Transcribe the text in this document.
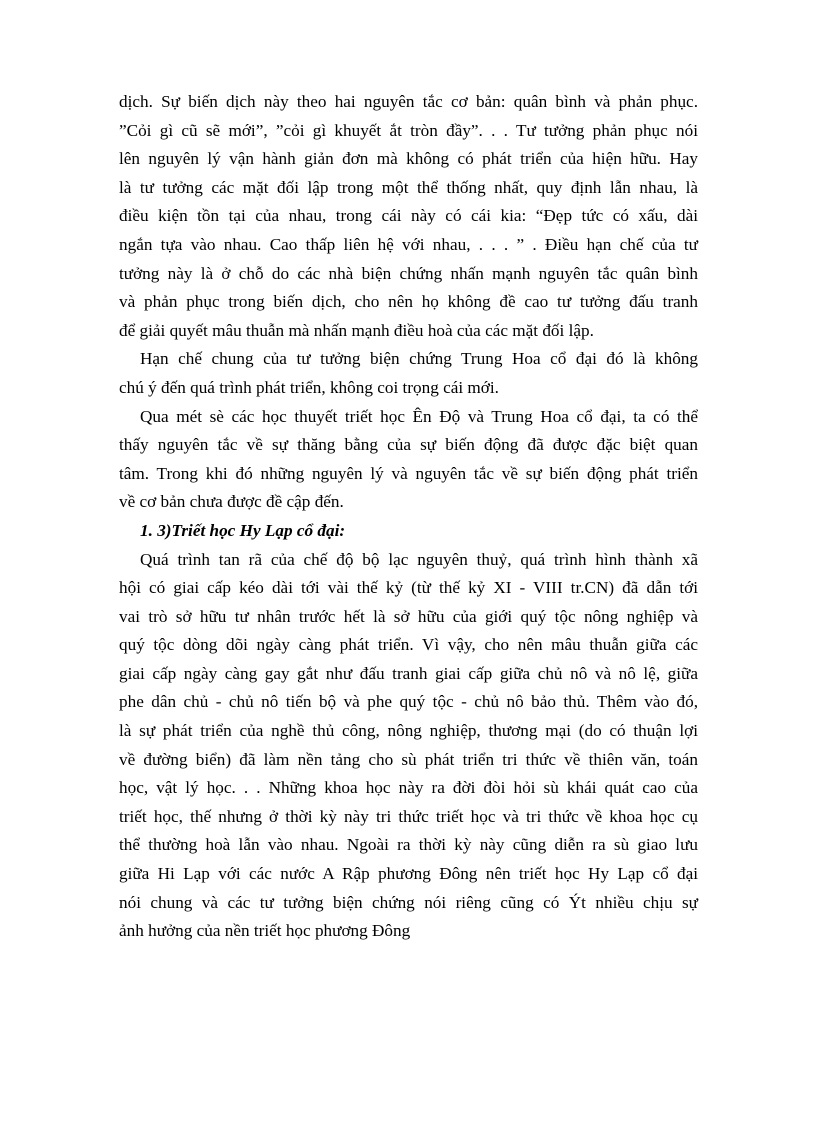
dịch. Sự biến dịch này theo hai nguyên tắc cơ bản: quân bình và phản phục.
”Cỏi gì cũ sẽ mới”, ”cỏi gì khuyết ắt tròn đầy”. . . Tư tưởng phản phục nói
lên nguyên lý vận hành giản đơn mà không có phát triển của hiện hữu. Hay
là tư tưởng các mặt đối lập trong một thể thống nhất, quy định lẫn nhau, là
điều kiện tồn tại của nhau, trong cái này có cái kia: “Đẹp tức có xấu, dài
ngắn tựa vào nhau. Cao thấp liên hệ với nhau, . . . ” . Điều hạn chế của tư
tưởng này là ở chỗ do các nhà biện chứng nhấn mạnh nguyên tắc quân bình
và phản phục trong biến dịch, cho nên họ không đề cao tư tưởng đấu tranh
để giải quyết mâu thuẫn mà nhấn mạnh điều hoà của các mặt đối lập.
Hạn chế chung của tư tưởng biện chứng Trung Hoa cổ đại đó là không
chú ý đến quá trình phát triển, không coi trọng cái mới.
Qua mét sè các học thuyết triết học Ên Độ và Trung Hoa cổ đại, ta có thể
thấy nguyên tắc về sự thăng bằng của sự biến động đã được đặc biệt quan
tâm. Trong khi đó những nguyên lý và nguyên tắc về sự biến động phát triển
về cơ bản chưa được đề cập đến.
1. 3)Triết học Hy Lạp cổ đại:
Quá trình tan rã của chế độ bộ lạc nguyên thuỷ, quá trình hình thành xã
hội có giai cấp kéo dài tới vài thế kỷ (từ thế kỷ XI - VIII tr.CN) đã dẫn tới
vai trò sở hữu tư nhân trước hết là sở hữu của giới quý tộc nông nghiệp và
quý tộc dòng dõi ngày càng phát triển. Vì vậy, cho nên mâu thuẫn giữa các
giai cấp ngày càng gay gắt như đấu tranh giai cấp giữa chủ nô và nô lệ, giữa
phe dân chủ - chủ nô tiến bộ và phe quý tộc - chủ nô bảo thủ. Thêm vào đó,
là sự phát triển của nghề thủ công, nông nghiệp, thương mại (do có thuận lợi
về đường biển) đã làm nền tảng cho sù phát triển tri thức về thiên văn, toán
học, vật lý học. . . Những khoa học này ra đời đòi hỏi sù khái quát cao của
triết học, thế nhưng ở thời kỳ này tri thức triết học và tri thức về khoa học cụ
thể thường hoà lẫn vào nhau. Ngoài ra thời kỳ này cũng diễn ra sù giao lưu
giữa Hi Lạp với các nước A Rập phương Đông nên triết học Hy Lạp cổ đại
nói chung và các tư tưởng biện chứng nói riêng cũng có Ýt nhiều chịu sự
ảnh hưởng của nền triết học phương Đông
